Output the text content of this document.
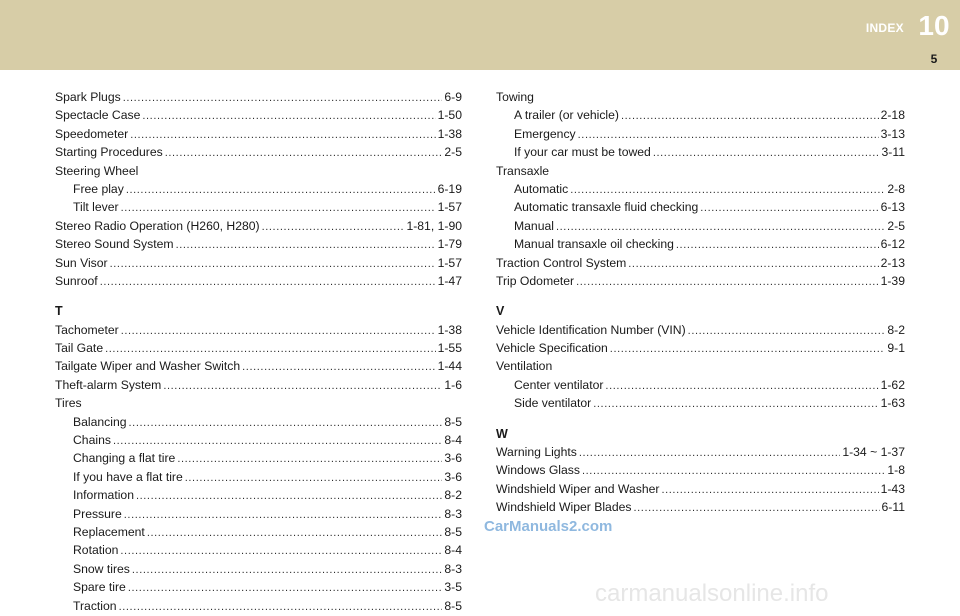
INDEX 10
5
Spark Plugs .....	6-9
Spectacle Case .....	1-50
Speedometer .....	1-38
Starting Procedures .....	2-5
Steering Wheel
Free play .....	6-19
Tilt lever .....	1-57
Stereo Radio Operation (H260, H280) .....	1-81, 1-90
Stereo Sound System .....	1-79
Sun Visor .....	1-57
Sunroof .....	1-47
T
Tachometer .....	1-38
Tail Gate .....	1-55
Tailgate Wiper and Washer Switch .....	1-44
Theft-alarm System .....	1-6
Tires
Balancing .....	8-5
Chains .....	8-4
Changing a flat tire .....	3-6
If you have a flat tire .....	3-6
Information .....	8-2
Pressure .....	8-3
Replacement .....	8-5
Rotation .....	8-4
Snow tires .....	8-3
Spare tire .....	3-5
Traction .....	8-5
Towing
A trailer (or vehicle) .....	2-18
Emergency .....	3-13
If your car must be towed .....	3-11
Transaxle
Automatic .....	2-8
Automatic transaxle fluid checking .....	6-13
Manual .....	2-5
Manual transaxle oil checking .....	6-12
Traction Control System .....	2-13
Trip Odometer .....	1-39
V
Vehicle Identification Number (VIN) .....	8-2
Vehicle Specification .....	9-1
Ventilation
Center ventilator .....	1-62
Side ventilator .....	1-63
W
Warning Lights .....	1-34 ~ 1-37
Windows Glass .....	1-8
Windshield Wiper and Washer .....	1-43
Windshield Wiper Blades .....	6-11
CarManuals2.com
carmanualsonline.info
